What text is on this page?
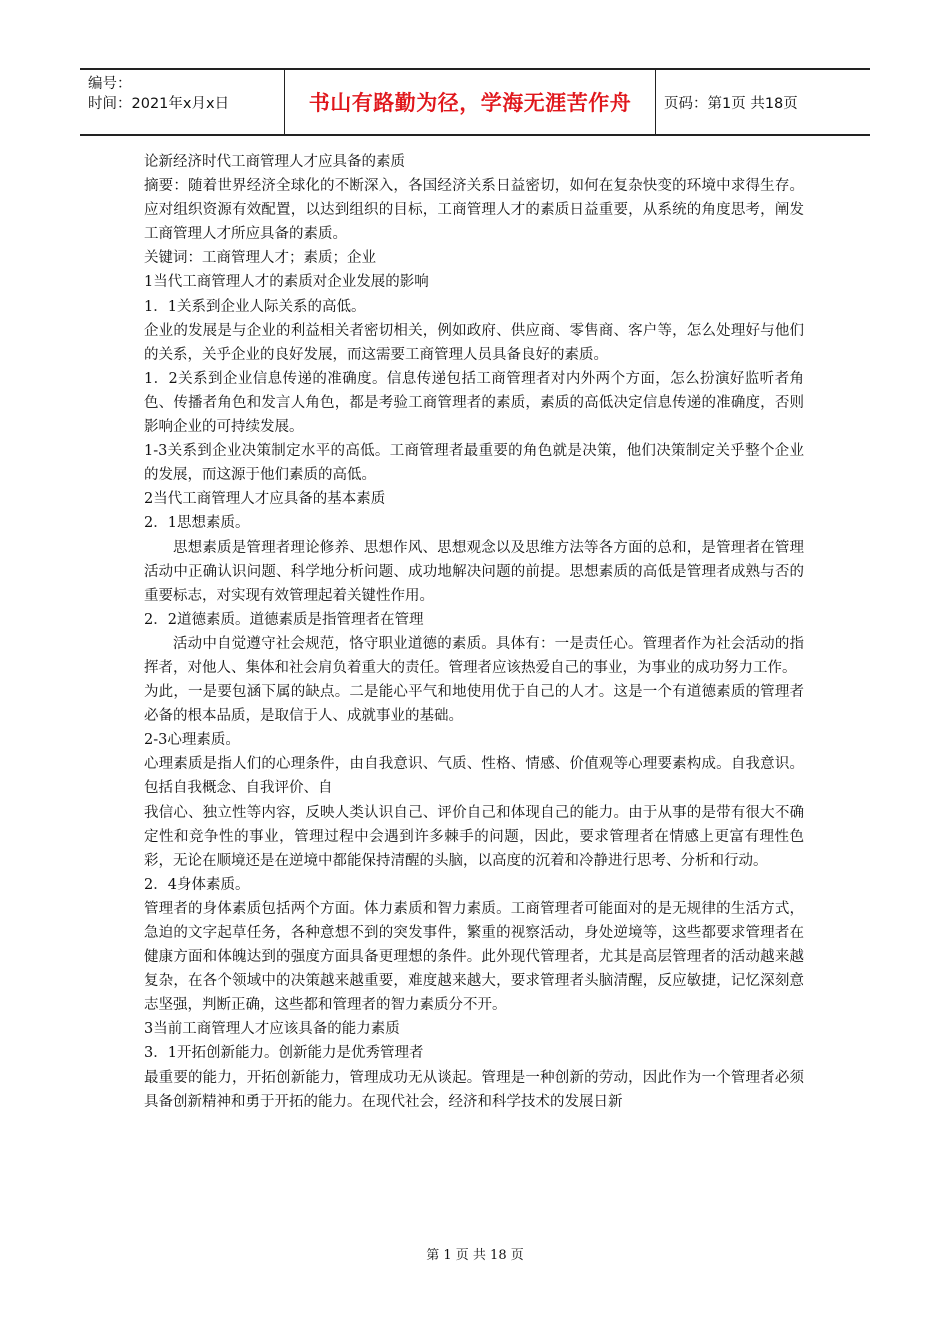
编号：
时间：2021年x月x日	书山有路勤为径，学海无涯苦作舟 页码：第1页 共18页

论新经济时代工商管理人才应具备的素质

摘要：随着世界经济全球化的不断深入，各国经济关系日益密切，如何在复杂快变的环境中求得生存。应对组织资源有效配置，以达到组织的目标，工商管理人才的素质日益重要，从系统的角度思考，阐发工商管理人才所应具备的素质。

关键词：工商管理人才；素质；企业

1当代工商管理人才的素质对企业发展的影响

1．1关系到企业人际关系的高低。

企业的发展是与企业的利益相关者密切相关，例如政府、供应商、零售商、客户等，怎么处理好与他们的关系，关乎企业的良好发展，而这需要工商管理人员具备良好的素质。

1．2关系到企业信息传递的准确度。信息传递包括工商管理者对内外两个方面，怎么扮演好监听者角色、传播者角色和发言人角色，都是考验工商管理者的素质，素质的高低决定信息传递的准确度，否则影响企业的可持续发展。

1-3关系到企业决策制定水平的高低。工商管理者最重要的角色就是决策，他们决策制定关乎整个企业的发展，而这源于他们素质的高低。

2当代工商管理人才应具备的基本素质

2．1思想素质。

思想素质是管理者理论修养、思想作风、思想观念以及思维方法等各方面的总和，是管理者在管理活动中正确认识问题、科学地分析问题、成功地解决问题的前提。思想素质的高低是管理者成熟与否的重要标志，对实现有效管理起着关键性作用。

2．2道德素质。道德素质是指管理者在管理

活动中自觉遵守社会规范，恪守职业道德的素质。具体有：一是责任心。管理者作为社会活动的指挥者，对他人、集体和社会肩负着重大的责任。管理者应该热爱自己的事业，为事业的成功努力工作。

为此，一是要包涵下属的缺点。二是能心平气和地使用优于自己的人才。这是一个有道德素质的管理者必备的根本品质，是取信于人、成就事业的基础。

2-3心理素质。

心理素质是指人们的心理条件，由自我意识、气质、性格、情感、价值观等心理要素构成。自我意识。包括自我概念、自我评价、自

我信心、独立性等内容，反映人类认识自己、评价自己和体现自己的能力。由于从事的是带有很大不确定性和竞争性的事业，管理过程中会遇到许多棘手的问题，因此，要求管理者在情感上更富有理性色彩，无论在顺境还是在逆境中都能保持清醒的头脑，以高度的沉着和冷静进行思考、分析和行动。

2．4身体素质。

管理者的身体素质包括两个方面。体力素质和智力素质。工商管理者可能面对的是无规律的生活方式，急迫的文字起草任务，各种意想不到的突发事件，繁重的视察活动，身处逆境等，这些都要求管理者在健康方面和体魄达到的强度方面具备更理想的条件。此外现代管理者，尤其是高层管理者的活动越来越复杂，在各个领域中的决策越来越重要，难度越来越大，要求管理者头脑清醒，反应敏捷，记忆深刻意志坚强，判断正确，这些都和管理者的智力素质分不开。

3当前工商管理人才应该具备的能力素质

3．1开拓创新能力。创新能力是优秀管理者

最重要的能力，开拓创新能力，管理成功无从谈起。管理是一种创新的劳动，因此作为一个管理者必须具备创新精神和勇于开拓的能力。在现代社会，经济和科学技术的发展日新

第 1 页 共 18 页
